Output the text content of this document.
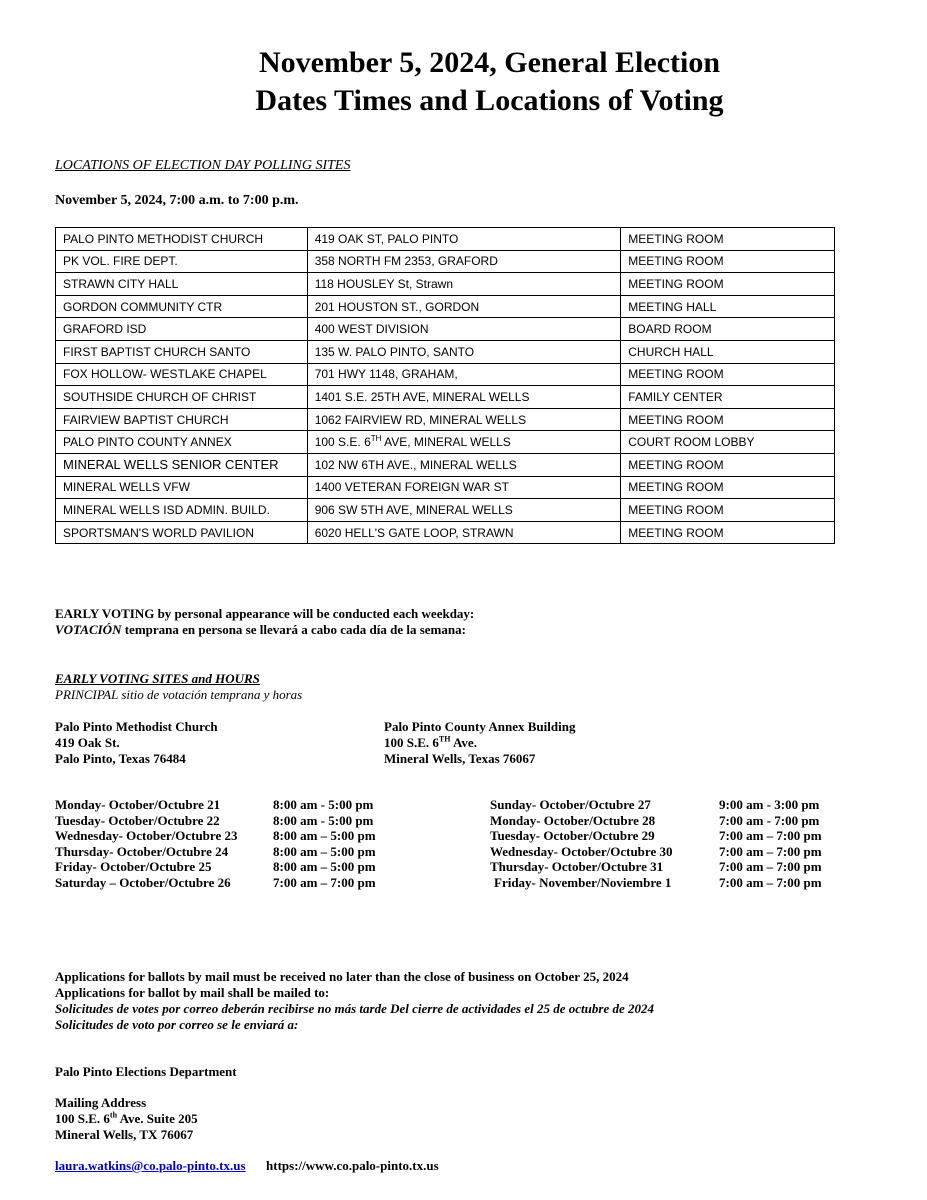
November 5, 2024, General Election
Dates Times and Locations of Voting
LOCATIONS OF ELECTION DAY POLLING SITES
November 5, 2024, 7:00 a.m. to 7:00 p.m.
PALO PINTO METHODIST CHURCH	419 OAK ST, PALO PINTO	MEETING ROOM
PK VOL. FIRE DEPT.	358 NORTH FM 2353, GRAFORD	MEETING ROOM
STRAWN CITY HALL	118 HOUSLEY St, Strawn	MEETING ROOM
GORDON COMMUNITY CTR	201 HOUSTON ST., GORDON	MEETING HALL
GRAFORD ISD	400 WEST DIVISION	BOARD ROOM
FIRST BAPTIST CHURCH SANTO	135 W. PALO PINTO, SANTO	CHURCH HALL
FOX HOLLOW- WESTLAKE CHAPEL	701 HWY 1148, GRAHAM,	MEETING ROOM
SOUTHSIDE CHURCH OF CHRIST	1401 S.E. 25TH AVE, MINERAL WELLS	FAMILY CENTER
FAIRVIEW BAPTIST CHURCH	1062 FAIRVIEW RD, MINERAL WELLS	MEETING ROOM
PALO PINTO COUNTY ANNEX	100 S.E. 6TH AVE, MINERAL WELLS	COURT ROOM LOBBY
MINERAL WELLS SENIOR CENTER	102 NW 6TH AVE., MINERAL WELLS	MEETING ROOM
MINERAL WELLS VFW	1400 VETERAN FOREIGN WAR ST	MEETING ROOM
MINERAL WELLS ISD ADMIN. BUILD.	906 SW 5TH AVE, MINERAL WELLS	MEETING ROOM
SPORTSMAN'S WORLD PAVILION	6020 HELL'S GATE LOOP, STRAWN	MEETING ROOM
EARLY VOTING by personal appearance will be conducted each weekday:
VOTACIÓN temprana en persona se llevará a cabo cada día de la semana:
EARLY VOTING SITES and HOURS
PRINCIPAL sitio de votación temprana y horas
Palo Pinto Methodist Church
419 Oak St.
Palo Pinto, Texas 76484
Palo Pinto County Annex Building
100 S.E. 6TH Ave.
Mineral Wells, Texas 76067
Monday- October/Octubre 21	8:00 am - 5:00 pm
Tuesday- October/Octubre 22	8:00 am - 5:00 pm
Wednesday- October/Octubre 23	8:00 am – 5:00 pm
Thursday- October/Octubre 24	8:00 am – 5:00 pm
Friday- October/Octubre 25	8:00 am – 5:00 pm
Saturday – October/Octubre 26	7:00 am – 7:00 pm
Sunday- October/Octubre 27	9:00 am - 3:00 pm
Monday- October/Octubre 28	7:00 am - 7:00 pm
Tuesday- October/Octubre 29	7:00 am – 7:00 pm
Wednesday- October/Octubre 30	7:00 am – 7:00 pm
Thursday- October/Octubre 31	7:00 am – 7:00 pm
Friday- November/Noviembre 1	7:00 am – 7:00 pm
Applications for ballots by mail must be received no later than the close of business on October 25, 2024
Applications for ballot by mail shall be mailed to:
Solicitudes de votes por correo deberán recibirse no más tarde Del cierre de actividades el 25 de octubre de 2024
Solicitudes de voto por correo se le enviará a:
Palo Pinto Elections Department
Mailing Address
100 S.E. 6th Ave. Suite 205
Mineral Wells, TX 76067
laura.watkins@co.palo-pinto.tx.us https://www.co.palo-pinto.tx.us
